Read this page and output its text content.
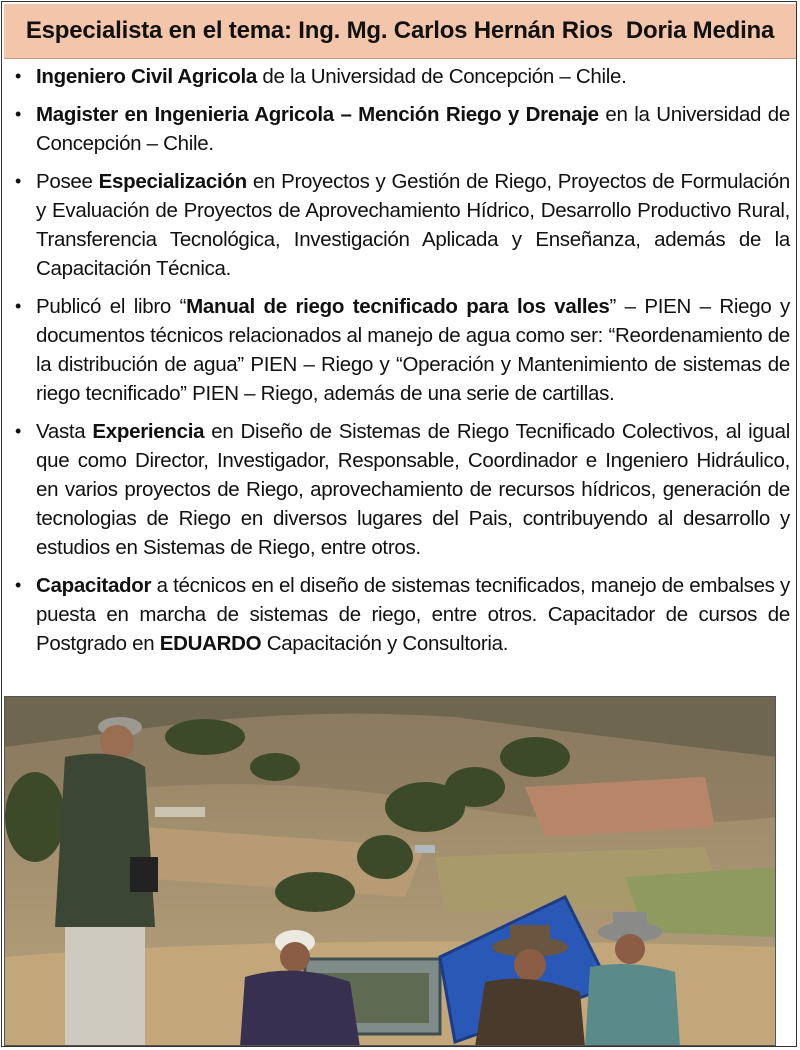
Especialista en el tema: Ing. Mg. Carlos Hernán Rios  Doria Medina
• Ingeniero Civil Agricola de la Universidad de Concepción – Chile.
• Magister en Ingenieria Agricola – Mención Riego y Drenaje en la Universidad de Concepción – Chile.
• Posee Especialización en Proyectos y Gestión de Riego, Proyectos de Formulación y Evaluación de Proyectos de Aprovechamiento Hídrico, Desarrollo Productivo Rural, Transferencia Tecnológica, Investigación Aplicada y Enseñanza, además de la Capacitación Técnica.
• Publicó el libro “Manual de riego tecnificado para los valles” – PIEN – Riego y documentos técnicos relacionados al manejo de agua como ser: “Reordenamiento de la distribución de agua” PIEN – Riego y “Operación y Mantenimiento de sistemas de riego tecnificado” PIEN – Riego, además de una serie de cartillas.
• Vasta Experiencia en Diseño de Sistemas de Riego Tecnificado Colectivos, al igual que como Director, Investigador, Responsable, Coordinador e Ingeniero Hidráulico, en varios proyectos de Riego, aprovechamiento de recursos hídricos, generación de tecnologias de Riego en diversos lugares del Pais, contribuyendo al desarrollo y estudios en Sistemas de Riego, entre otros.
• Capacitador a técnicos en el diseño de sistemas tecnificados, manejo de embalses y puesta en marcha de sistemas de riego, entre otros. Capacitador de cursos de Postgrado en EDUARDO Capacitación y Consultoria.
